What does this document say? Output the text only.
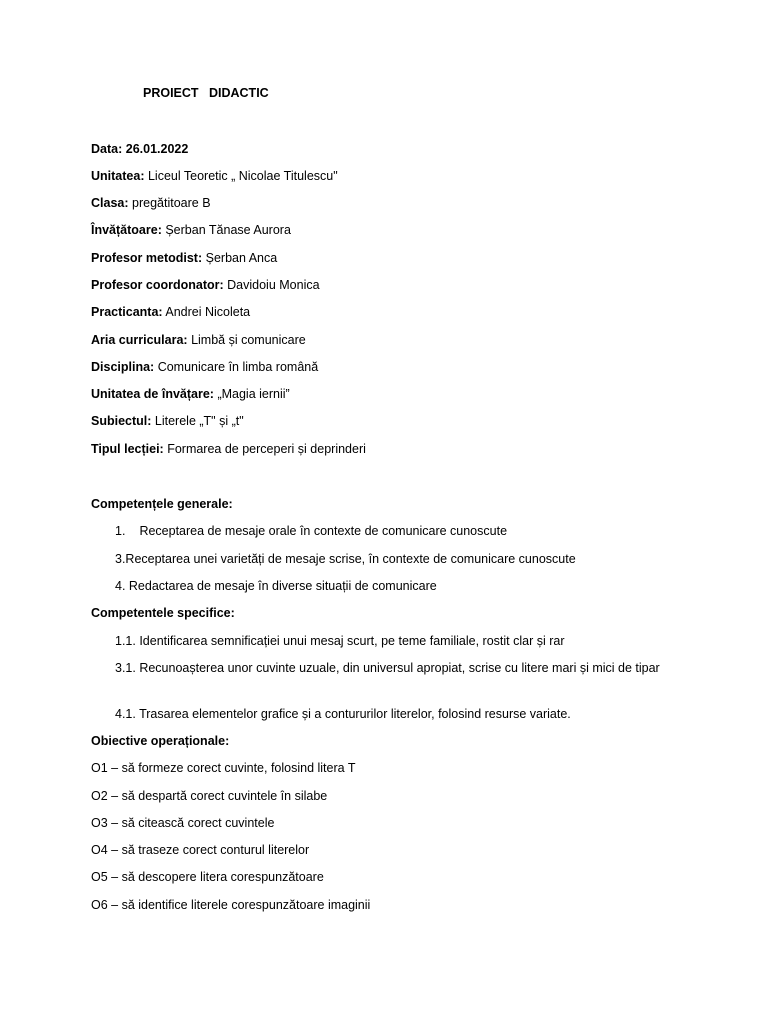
PROIECT   DIDACTIC
Data: 26.01.2022
Unitatea: Liceul Teoretic „ Nicolae Titulescu"
Clasa: pregătitoare B
Învățătoare: Șerban Tănase Aurora
Profesor metodist: Șerban Anca
Profesor coordonator: Davidoiu Monica
Practicanta: Andrei Nicoleta
Aria curriculara: Limbă și comunicare
Disciplina: Comunicare în limba română
Unitatea de învățare: „Magia iernii”
Subiectul: Literele „T" și „t"
Tipul lecției: Formarea de perceperi și deprinderi
Competențele generale:
1. Receptarea de mesaje orale în contexte de comunicare cunoscute
3.Receptarea unei varietăți de mesaje scrise, în contexte de comunicare cunoscute
4. Redactarea de mesaje în diverse situații de comunicare
Competentele specifice:
1.1. Identificarea semnificației unui mesaj scurt, pe teme familiale, rostit clar și rar
3.1. Recunoașterea unor cuvinte uzuale, din universul apropiat, scrise cu litere mari și mici de tipar
4.1. Trasarea elementelor grafice și a contururilor literelor, folosind resurse variate.
Obiective operaționale:
O1 – să formeze corect cuvinte, folosind litera T
O2 – să despartă corect cuvintele în silabe
O3 – să citească corect cuvintele
O4 – să traseze corect conturul literelor
O5 – să descopere litera corespunzătoare
O6 – să identifice literele corespunzătoare imaginii
